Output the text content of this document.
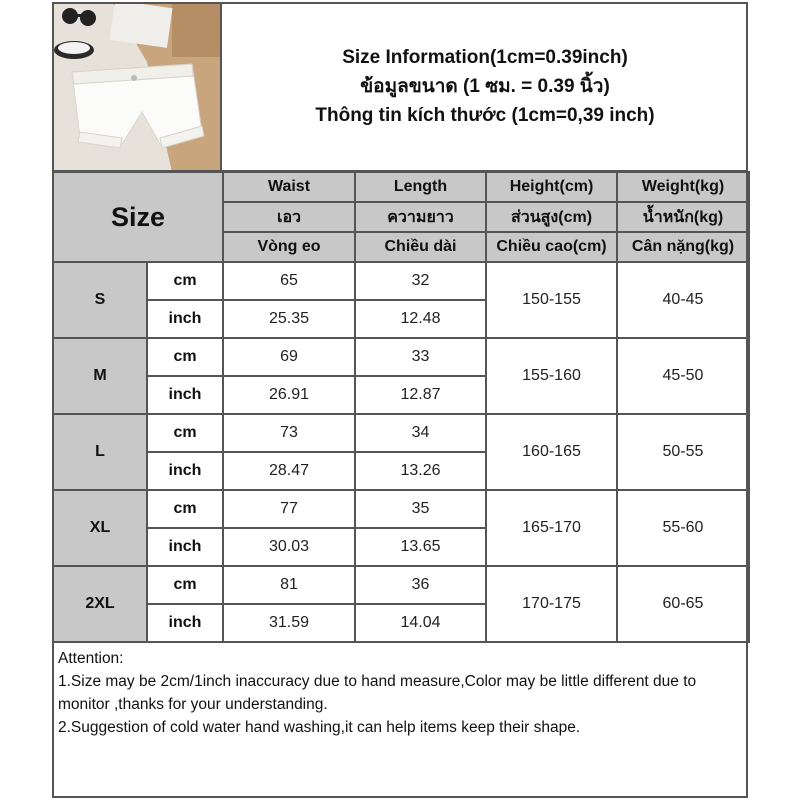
Size Information(1cm=0.39inch)
ข้อมูลขนาด (1 ซม. = 0.39 นิ้ว)
Thông tin kích thước (1cm=0,39 inch)
Size		Waist	Length	Height(cm)	Weight(kg)
		เอว	ความยาว	ส่วนสูง(cm)	น้ำหนัก(kg)
		Vòng eo	Chiều dài	Chiều cao(cm)	Cân nặng(kg)
S	cm	65	32	150-155	40-45
	inch	25.35	12.48		
M	cm	69	33	155-160	45-50
	inch	26.91	12.87		
L	cm	73	34	160-165	50-55
	inch	28.47	13.26		
XL	cm	77	35	165-170	55-60
	inch	30.03	13.65		
2XL	cm	81	36	170-175	60-65
	inch	31.59	14.04		

Attention:

1.Size may be 2cm/1inch inaccuracy due to hand measure,Color may be little different due to monitor ,thanks for your understanding.

2.Suggestion of cold water hand washing,it can help items keep their shape.
